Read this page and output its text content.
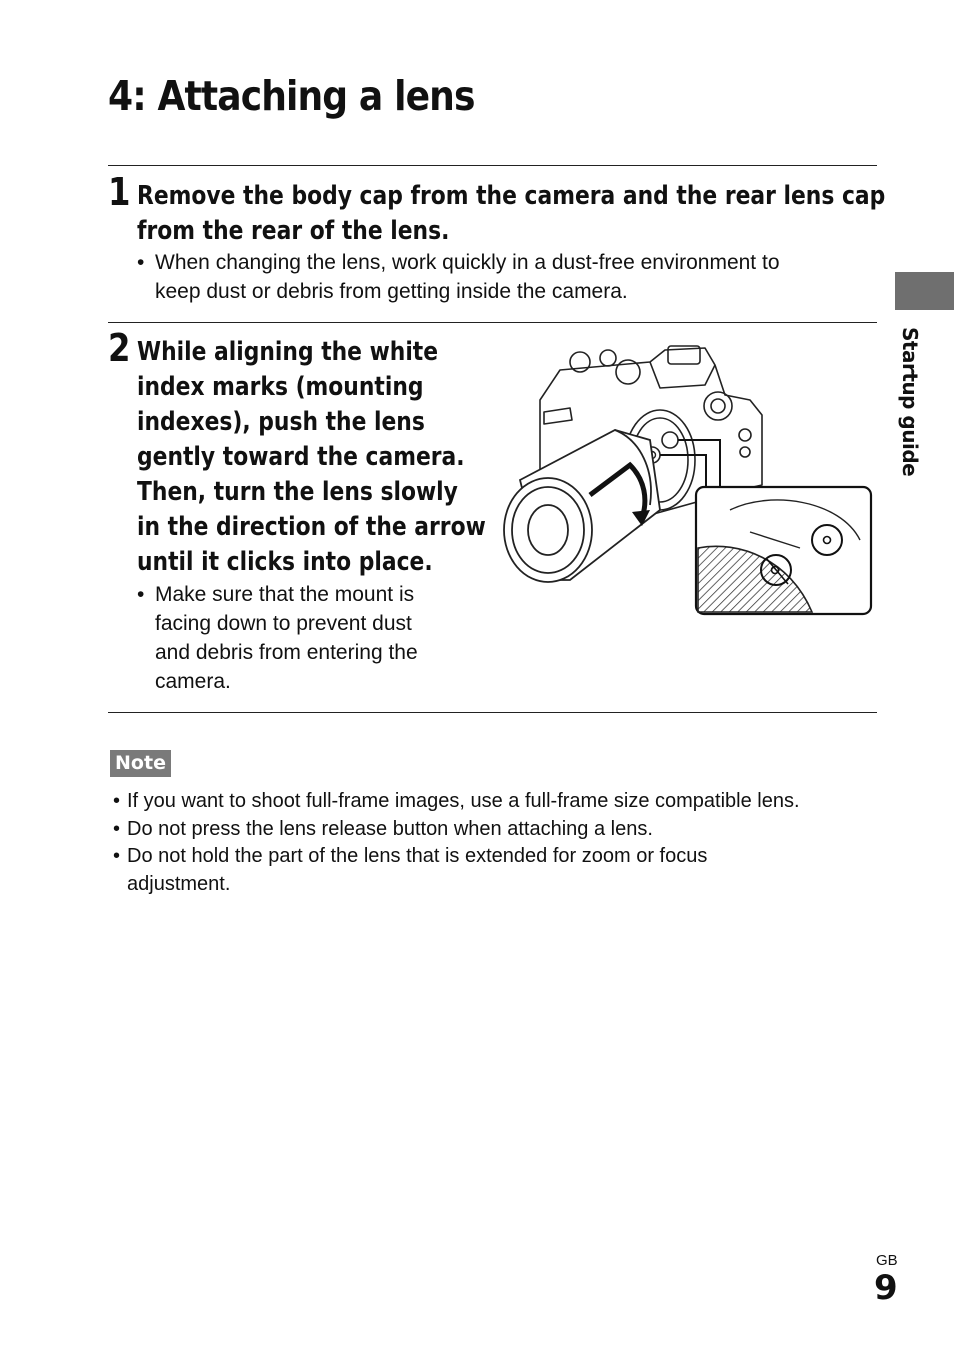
4: Attaching a lens
Startup guide
1 Remove the body cap from the camera and the rear lens cap
from the rear of the lens.
• When changing the lens, work quickly in a dust-free environment to
keep dust or debris from getting inside the camera.
2 While aligning the white
index marks (mounting
indexes), push the lens
gently toward the camera.
Then, turn the lens slowly
in the direction of the arrow
until it clicks into place.
• Make sure that the mount is
facing down to prevent dust
and debris from entering the
camera.
Note
• If you want to shoot full-frame images, use a full-frame size compatible lens.
• Do not press the lens release button when attaching a lens.
• Do not hold the part of the lens that is extended for zoom or focus adjustment.
GB
9
